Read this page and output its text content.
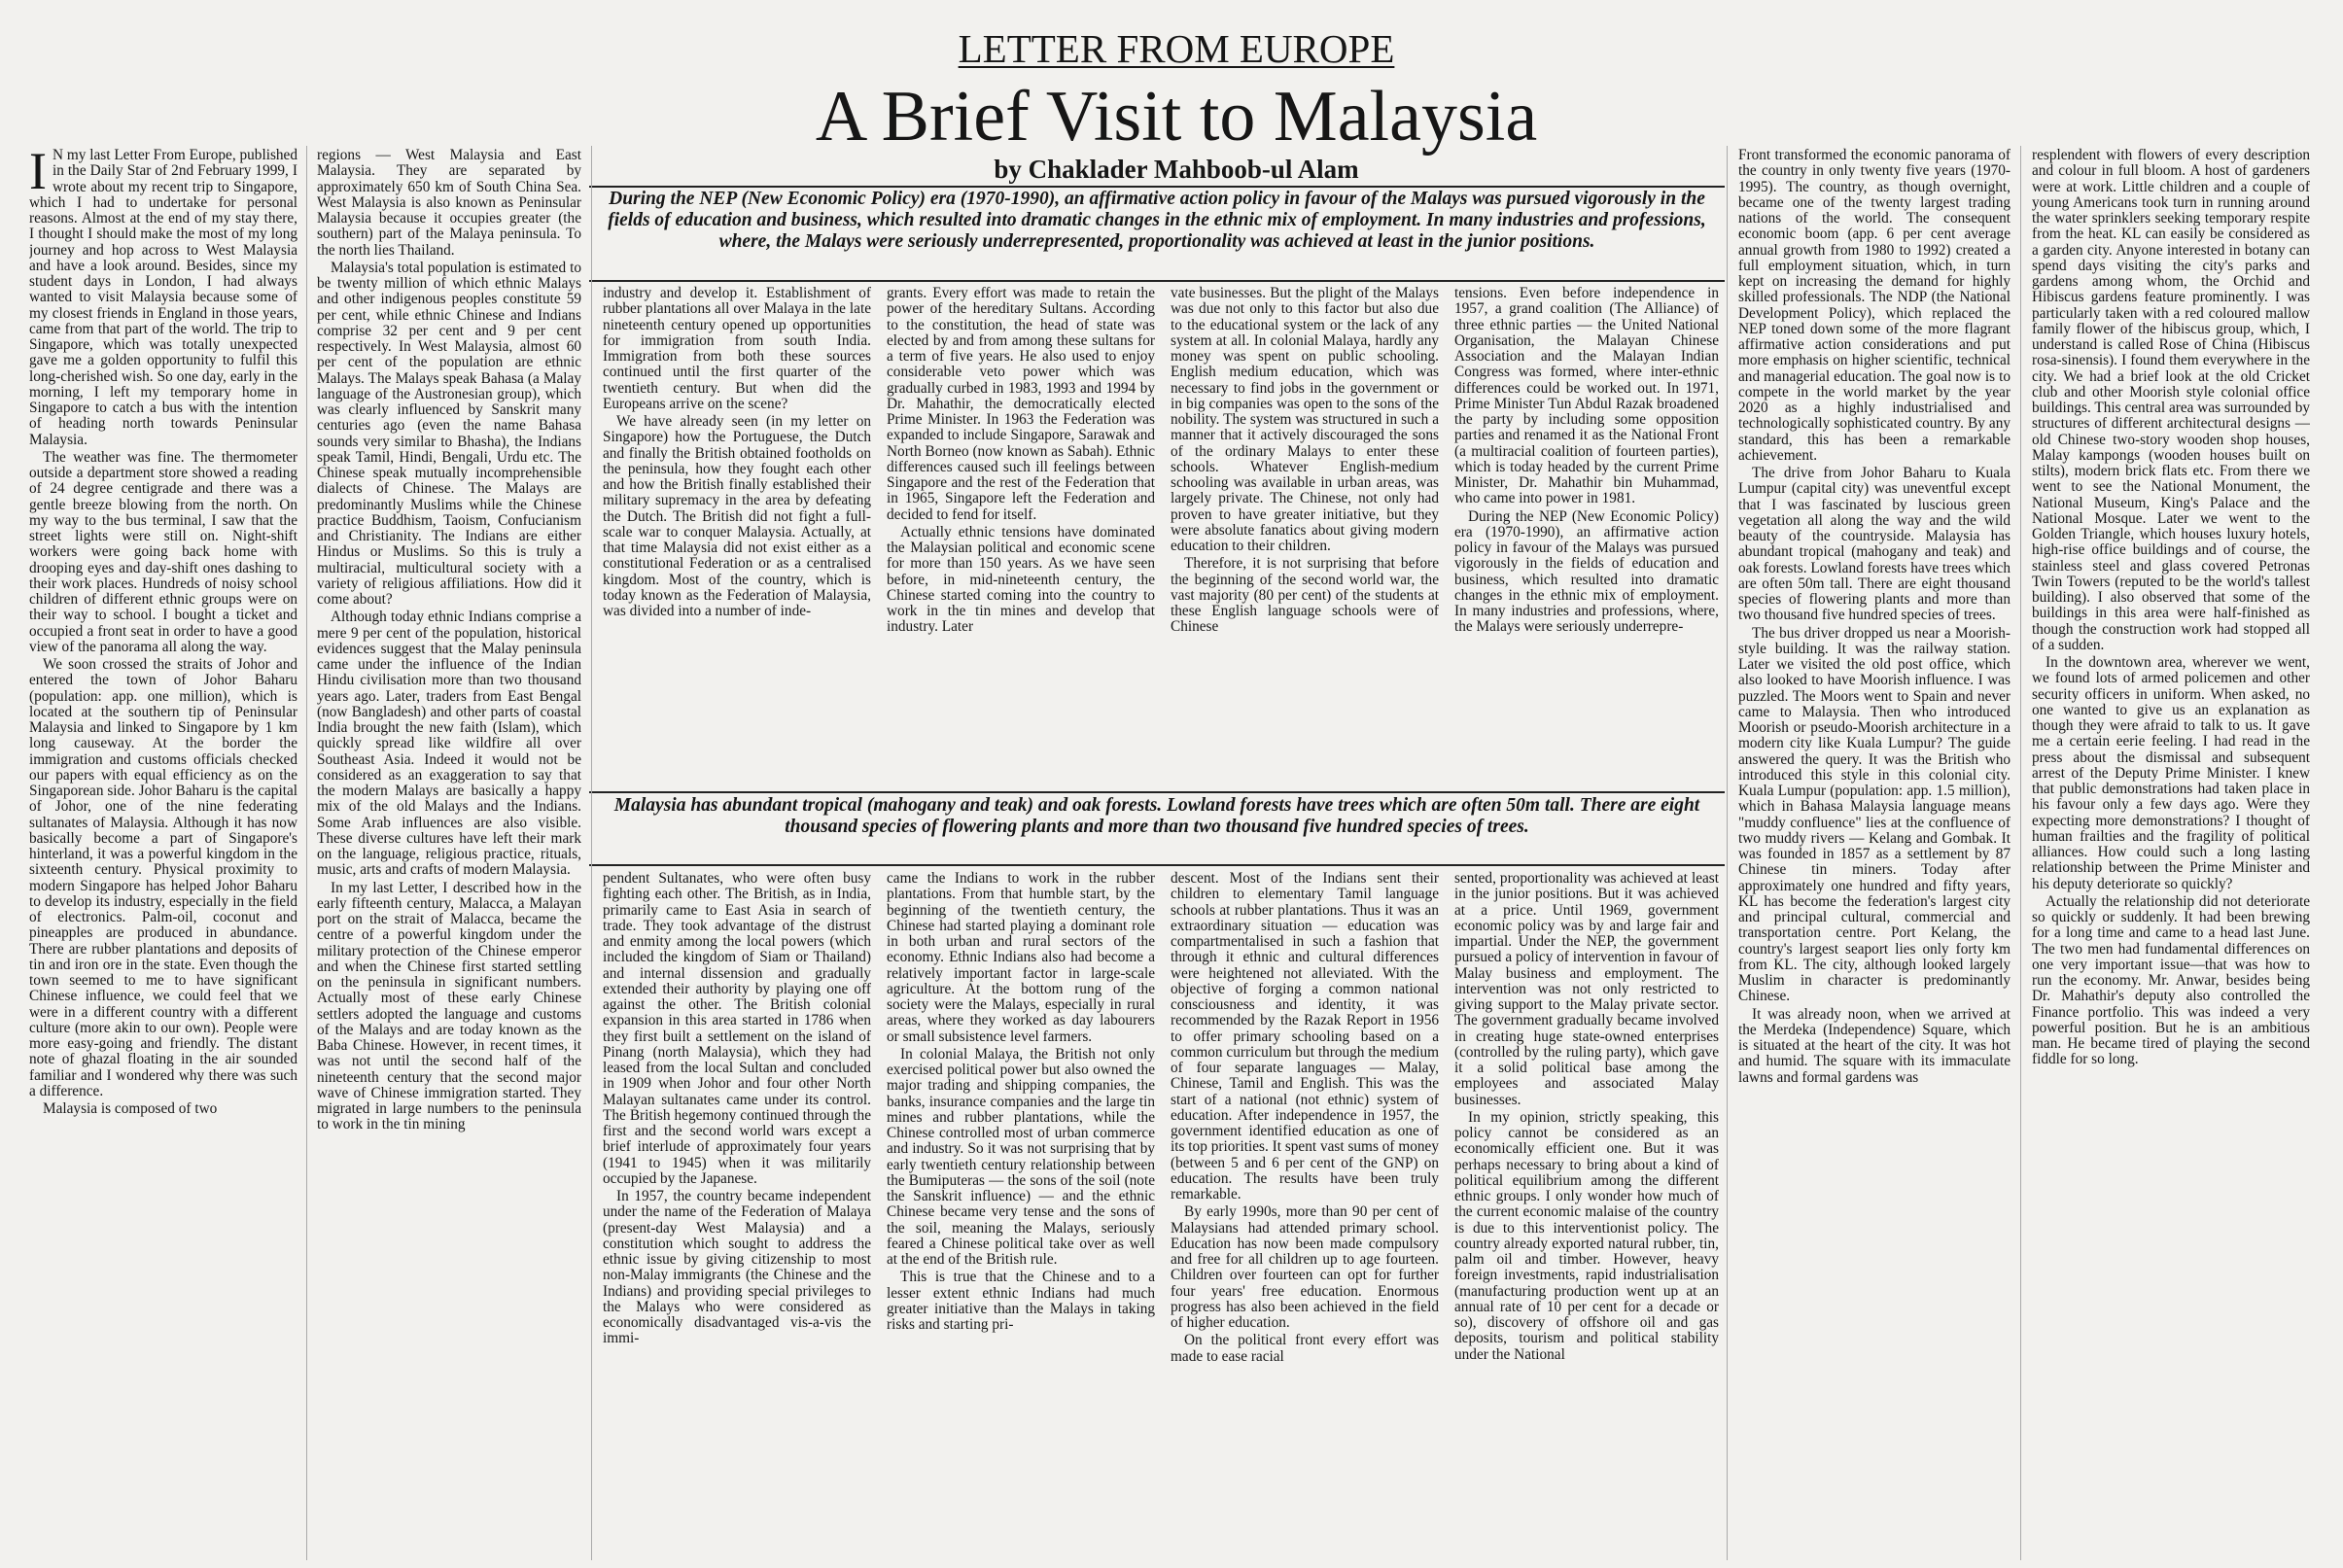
LETTER FROM EUROPE
A Brief Visit to Malaysia
by Chaklader Mahboob-ul Alam
During the NEP (New Economic Policy) era (1970-1990), an affirmative action policy in favour of the Malays was pursued vigorously in the fields of education and business, which resulted into dramatic changes in the ethnic mix of employment. In many industries and professions, where, the Malays were seriously underrepresented, proportionality was achieved at least in the junior positions.
Malaysia has abundant tropical (mahogany and teak) and oak forests. Lowland forests have trees which are often 50m tall. There are eight thousand species of flowering plants and more than two thousand five hundred species of trees.

I N my last Letter From Europe, published in the Daily Star of 2nd February 1999, I wrote about my recent trip to Singapore, which I had to undertake for personal reasons. Almost at the end of my stay there, I thought I should make the most of my long journey and hop across to West Malaysia and have a look around. Besides, since my student days in London, I had always wanted to visit Malaysia because some of my closest friends in England in those years, came from that part of the world. The trip to Singapore, which was totally unexpected gave me a golden opportunity to fulfil this long-cherished wish. So one day, early in the morning, I left my temporary home in Singapore to catch a bus with the intention of heading north towards Peninsular Malaysia.

The weather was fine. The thermometer outside a department store showed a reading of 24 degree centigrade and there was a gentle breeze blowing from the north. On my way to the bus terminal, I saw that the street lights were still on. Night-shift workers were going back home with drooping eyes and day-shift ones dashing to their work places. Hundreds of noisy school children of different ethnic groups were on their way to school. I bought a ticket and occupied a front seat in order to have a good view of the panorama all along the way.

We soon crossed the straits of Johor and entered the town of Johor Baharu (population: app. one million), which is located at the southern tip of Peninsular Malaysia and linked to Singapore by 1 km long causeway. At the border the immigration and customs officials checked our papers with equal efficiency as on the Singaporean side. Johor Baharu is the capital of Johor, one of the nine federating sultanates of Malaysia. Although it has now basically become a part of Singapore's hinterland, it was a powerful kingdom in the sixteenth century. Physical proximity to modern Singapore has helped Johor Baharu to develop its industry, especially in the field of electronics. Palm-oil, coconut and pineapples are produced in abundance. There are rubber plantations and deposits of tin and iron ore in the state. Even though the town seemed to me to have significant Chinese influence, we could feel that we were in a different country with a different culture (more akin to our own). People were more easy-going and friendly. The distant note of ghazal floating in the air sounded familiar and I wondered why there was such a difference.

Malaysia is composed of two

regions — West Malaysia and East Malaysia. They are separated by approximately 650 km of South China Sea. West Malaysia is also known as Peninsular Malaysia because it occupies greater (the southern) part of the Malaya peninsula. To the north lies Thailand.

Malaysia's total population is estimated to be twenty million of which ethnic Malays and other indigenous peoples constitute 59 per cent, while ethnic Chinese and Indians comprise 32 per cent and 9 per cent respectively. In West Malaysia, almost 60 per cent of the population are ethnic Malays. The Malays speak Bahasa (a Malay language of the Austronesian group), which was clearly influenced by Sanskrit many centuries ago (even the name Bahasa sounds very similar to Bhasha), the Indians speak Tamil, Hindi, Bengali, Urdu etc. The Chinese speak mutually incomprehensible dialects of Chinese. The Malays are predominantly Muslims while the Chinese practice Buddhism, Taoism, Confucianism and Christianity. The Indians are either Hindus or Muslims. So this is truly a multiracial, multicultural society with a variety of religious affiliations. How did it come about?

Although today ethnic Indians comprise a mere 9 per cent of the population, historical evidences suggest that the Malay peninsula came under the influence of the Indian Hindu civilisation more than two thousand years ago. Later, traders from East Bengal (now Bangladesh) and other parts of coastal India brought the new faith (Islam), which quickly spread like wildfire all over Southeast Asia. Indeed it would not be considered as an exaggeration to say that the modern Malays are basically a happy mix of the old Malays and the Indians. Some Arab influences are also visible. These diverse cultures have left their mark on the language, religious practice, rituals, music, arts and crafts of modern Malaysia.

In my last Letter, I described how in the early fifteenth century, Malacca, a Malayan port on the strait of Malacca, became the centre of a powerful kingdom under the military protection of the Chinese emperor and when the Chinese first started settling on the peninsula in significant numbers. Actually most of these early Chinese settlers adopted the language and customs of the Malays and are today known as the Baba Chinese. However, in recent times, it was not until the second half of the nineteenth century that the second major wave of Chinese immigration started. They migrated in large numbers to the peninsula to work in the tin mining

industry and develop it. Establishment of rubber plantations all over Malaya in the late nineteenth century opened up opportunities for immigration from south India. Immigration from both these sources continued until the first quarter of the twentieth century. But when did the Europeans arrive on the scene?

We have already seen (in my letter on Singapore) how the Portuguese, the Dutch and finally the British obtained footholds on the peninsula, how they fought each other and how the British finally established their military supremacy in the area by defeating the Dutch. The British did not fight a full-scale war to conquer Malaysia. Actually, at that time Malaysia did not exist either as a constitutional Federation or as a centralised kingdom. Most of the country, which is today known as the Federation of Malaysia, was divided into a number of inde-

grants. Every effort was made to retain the power of the hereditary Sultans. According to the constitution, the head of state was elected by and from among these sultans for a term of five years. He also used to enjoy considerable veto power which was gradually curbed in 1983, 1993 and 1994 by Dr. Mahathir, the democratically elected Prime Minister. In 1963 the Federation was expanded to include Singapore, Sarawak and North Borneo (now known as Sabah). Ethnic differences caused such ill feelings between Singapore and the rest of the Federation that in 1965, Singapore left the Federation and decided to fend for itself.

Actually ethnic tensions have dominated the Malaysian political and economic scene for more than 150 years. As we have seen before, in mid-nineteenth century, the Chinese started coming into the country to work in the tin mines and develop that industry. Later

vate businesses. But the plight of the Malays was due not only to this factor but also due to the educational system or the lack of any system at all. In colonial Malaya, hardly any money was spent on public schooling. English medium education, which was necessary to find jobs in the government or in big companies was open to the sons of the nobility. The system was structured in such a manner that it actively discouraged the sons of the ordinary Malays to enter these schools. Whatever English-medium schooling was available in urban areas, was largely private. The Chinese, not only had proven to have greater initiative, but they were absolute fanatics about giving modern education to their children.

Therefore, it is not surprising that before the beginning of the second world war, the vast majority (80 per cent) of the students at these English language schools were of Chinese

tensions. Even before independence in 1957, a grand coalition (The Alliance) of three ethnic parties — the United National Organisation, the Malayan Chinese Association and the Malayan Indian Congress was formed, where inter-ethnic differences could be worked out. In 1971, Prime Minister Tun Abdul Razak broadened the party by including some opposition parties and renamed it as the National Front (a multiracial coalition of fourteen parties), which is today headed by the current Prime Minister, Dr. Mahathir bin Muhammad, who came into power in 1981.

During the NEP (New Economic Policy) era (1970-1990), an affirmative action policy in favour of the Malays was pursued vigorously in the fields of education and business, which resulted into dramatic changes in the ethnic mix of employment. In many industries and professions, where, the Malays were seriously underrepre-

pendent Sultanates, who were often busy fighting each other. The British, as in India, primarily came to East Asia in search of trade. They took advantage of the distrust and enmity among the local powers (which included the kingdom of Siam or Thailand) and internal dissension and gradually extended their authority by playing one off against the other. The British colonial expansion in this area started in 1786 when they first built a settlement on the island of Pinang (north Malaysia), which they had leased from the local Sultan and concluded in 1909 when Johor and four other North Malayan sultanates came under its control. The British hegemony continued through the first and the second world wars except a brief interlude of approximately four years (1941 to 1945) when it was militarily occupied by the Japanese.

In 1957, the country became independent under the name of the Federation of Malaya (present-day West Malaysia) and a constitution which sought to address the ethnic issue by giving citizenship to most non-Malay immigrants (the Chinese and the Indians) and providing special privileges to the Malays who were considered as economically disadvantaged vis-a-vis the immi-

came the Indians to work in the rubber plantations. From that humble start, by the beginning of the twentieth century, the Chinese had started playing a dominant role in both urban and rural sectors of the economy. Ethnic Indians also had become a relatively important factor in large-scale agriculture. At the bottom rung of the society were the Malays, especially in rural areas, where they worked as day labourers or small subsistence level farmers.

In colonial Malaya, the British not only exercised political power but also owned the major trading and shipping companies, the banks, insurance companies and the large tin mines and rubber plantations, while the Chinese controlled most of urban commerce and industry. So it was not surprising that by early twentieth century relationship between the Bumiputeras — the sons of the soil (note the Sanskrit influence) — and the ethnic Chinese became very tense and the sons of the soil, meaning the Malays, seriously feared a Chinese political take over as well at the end of the British rule.

This is true that the Chinese and to a lesser extent ethnic Indians had much greater initiative than the Malays in taking risks and starting pri-

descent. Most of the Indians sent their children to elementary Tamil language schools at rubber plantations. Thus it was an extraordinary situation — education was compartmentalised in such a fashion that through it ethnic and cultural differences were heightened not alleviated. With the objective of forging a common national consciousness and identity, it was recommended by the Razak Report in 1956 to offer primary schooling based on a common curriculum but through the medium of four separate languages — Malay, Chinese, Tamil and English. This was the start of a national (not ethnic) system of education. After independence in 1957, the government identified education as one of its top priorities. It spent vast sums of money (between 5 and 6 per cent of the GNP) on education. The results have been truly remarkable.

By early 1990s, more than 90 per cent of Malaysians had attended primary school. Education has now been made compulsory and free for all children up to age fourteen. Children over fourteen can opt for further four years' free education. Enormous progress has also been achieved in the field of higher education.

On the political front every effort was made to ease racial

sented, proportionality was achieved at least in the junior positions. But it was achieved at a price. Until 1969, government economic policy was by and large fair and impartial. Under the NEP, the government pursued a policy of intervention in favour of Malay business and employment. The intervention was not only restricted to giving support to the Malay private sector. The government gradually became involved in creating huge state-owned enterprises (controlled by the ruling party), which gave it a solid political base among the employees and associated Malay businesses.

In my opinion, strictly speaking, this policy cannot be considered as an economically efficient one. But it was perhaps necessary to bring about a kind of political equilibrium among the different ethnic groups. I only wonder how much of the current economic malaise of the country is due to this interventionist policy. The country already exported natural rubber, tin, palm oil and timber. However, heavy foreign investments, rapid industrialisation (manufacturing production went up at an annual rate of 10 per cent for a decade or so), discovery of offshore oil and gas deposits, tourism and political stability under the National

Front transformed the economic panorama of the country in only twenty five years (1970-1995). The country, as though overnight, became one of the twenty largest trading nations of the world. The consequent economic boom (app. 6 per cent average annual growth from 1980 to 1992) created a full employment situation, which, in turn kept on increasing the demand for highly skilled professionals. The NDP (the National Development Policy), which replaced the NEP toned down some of the more flagrant affirmative action considerations and put more emphasis on higher scientific, technical and managerial education. The goal now is to compete in the world market by the year 2020 as a highly industrialised and technologically sophisticated country. By any standard, this has been a remarkable achievement.

The drive from Johor Baharu to Kuala Lumpur (capital city) was uneventful except that I was fascinated by luscious green vegetation all along the way and the wild beauty of the countryside. Malaysia has abundant tropical (mahogany and teak) and oak forests. Lowland forests have trees which are often 50m tall. There are eight thousand species of flowering plants and more than two thousand five hundred species of trees.

The bus driver dropped us near a Moorish-style building. It was the railway station. Later we visited the old post office, which also looked to have Moorish influence. I was puzzled. The Moors went to Spain and never came to Malaysia. Then who introduced Moorish or pseudo-Moorish architecture in a modern city like Kuala Lumpur? The guide answered the query. It was the British who introduced this style in this colonial city. Kuala Lumpur (population: app. 1.5 million), which in Bahasa Malaysia language means "muddy confluence" lies at the confluence of two muddy rivers — Kelang and Gombak. It was founded in 1857 as a settlement by 87 Chinese tin miners. Today after approximately one hundred and fifty years, KL has become the federation's largest city and principal cultural, commercial and transportation centre. Port Kelang, the country's largest seaport lies only forty km from KL. The city, although looked largely Muslim in character is predominantly Chinese.

It was already noon, when we arrived at the Merdeka (Independence) Square, which is situated at the heart of the city. It was hot and humid. The square with its immaculate lawns and formal gardens was

resplendent with flowers of every description and colour in full bloom. A host of gardeners were at work. Little children and a couple of young Americans took turn in running around the water sprinklers seeking temporary respite from the heat. KL can easily be considered as a garden city. Anyone interested in botany can spend days visiting the city's parks and gardens among whom, the Orchid and Hibiscus gardens feature prominently. I was particularly taken with a red coloured mallow family flower of the hibiscus group, which, I understand is called Rose of China (Hibiscus rosa-sinensis). I found them everywhere in the city. We had a brief look at the old Cricket club and other Moorish style colonial office buildings. This central area was surrounded by structures of different architectural designs — old Chinese two-story wooden shop houses, Malay kampongs (wooden houses built on stilts), modern brick flats etc. From there we went to see the National Monument, the National Museum, King's Palace and the National Mosque. Later we went to the Golden Triangle, which houses luxury hotels, high-rise office buildings and of course, the stainless steel and glass covered Petronas Twin Towers (reputed to be the world's tallest building). I also observed that some of the buildings in this area were half-finished as though the construction work had stopped all of a sudden.

In the downtown area, wherever we went, we found lots of armed policemen and other security officers in uniform. When asked, no one wanted to give us an explanation as though they were afraid to talk to us. It gave me a certain eerie feeling. I had read in the press about the dismissal and subsequent arrest of the Deputy Prime Minister. I knew that public demonstrations had taken place in his favour only a few days ago. Were they expecting more demonstrations? I thought of human frailties and the fragility of political alliances. How could such a long lasting relationship between the Prime Minister and his deputy deteriorate so quickly?

Actually the relationship did not deteriorate so quickly or suddenly. It had been brewing for a long time and came to a head last June. The two men had fundamental differences on one very important issue—that was how to run the economy. Mr. Anwar, besides being Dr. Mahathir's deputy also controlled the Finance portfolio. This was indeed a very powerful position. But he is an ambitious man. He became tired of playing the second fiddle for so long.
